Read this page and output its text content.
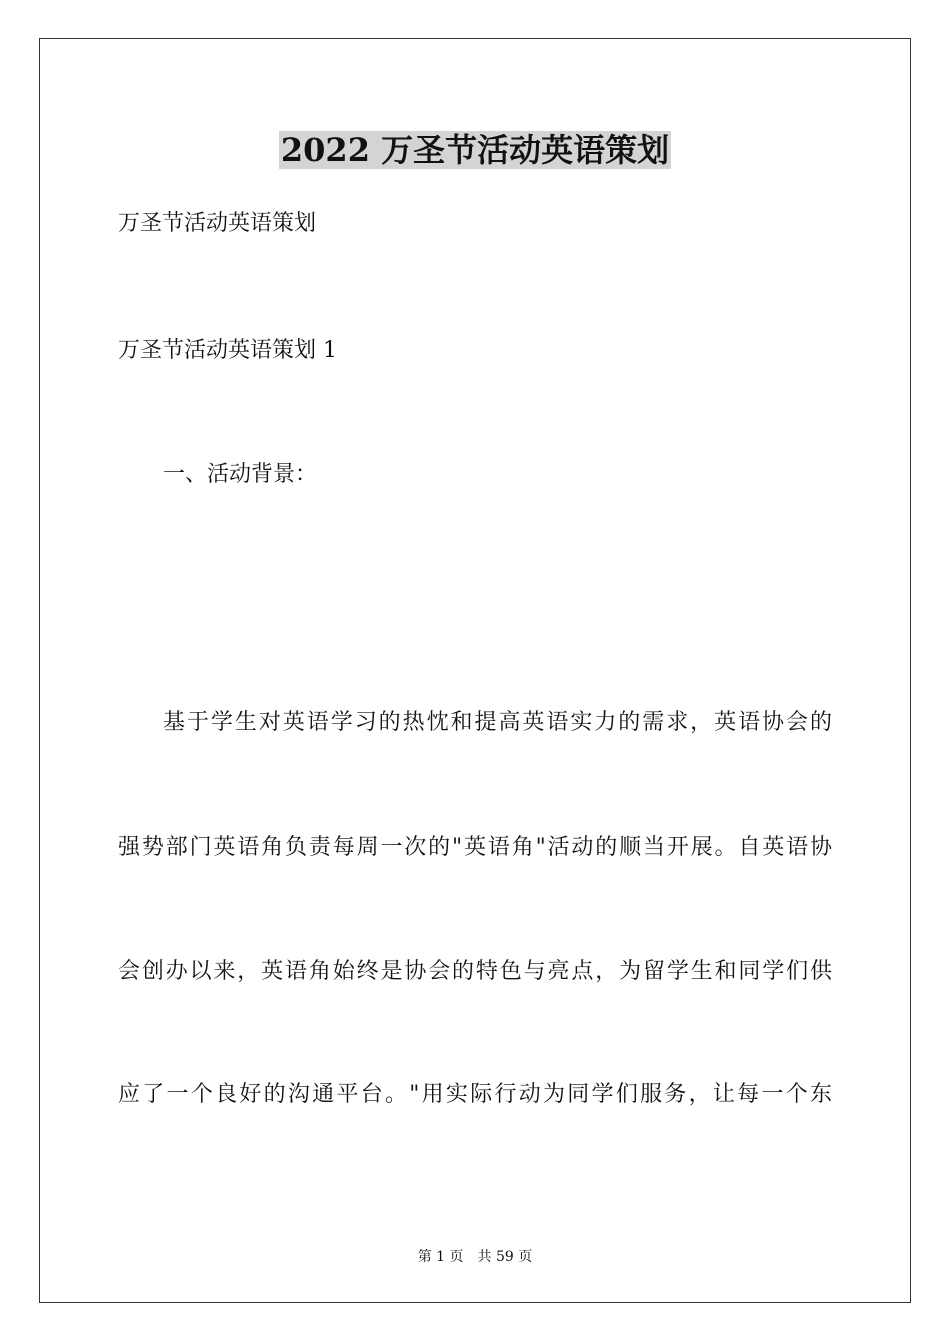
2022 万圣节活动英语策划
万圣节活动英语策划
万圣节活动英语策划 1
一、活动背景：
基于学生对英语学习的热忱和提高英语实力的需求，英语协会的
强势部门英语角负责每周一次的"英语角"活动的顺当开展。自英语协
会创办以来，英语角始终是协会的特色与亮点，为留学生和同学们供
应了一个良好的沟通平台。"用实际行动为同学们服务，让每一个东
第 1 页　共 59 页
